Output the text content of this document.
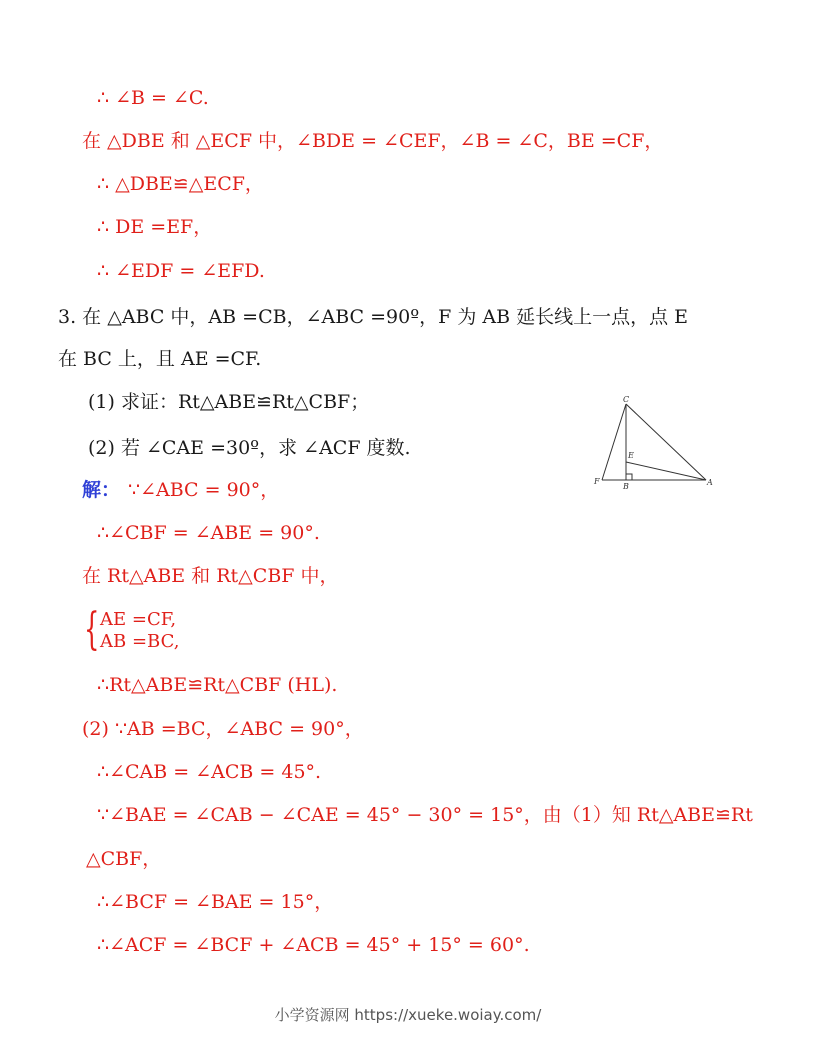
∴ ∠B = ∠C.
在 △DBE 和 △ECF 中，∠BDE = ∠CEF，∠B = ∠C，BE =CF，
∴ △DBE≌△ECF，
∴ DE =EF，
∴ ∠EDF = ∠EFD.
3. 在 △ABC 中，AB =CB，∠ABC =90º，F 为 AB 延长线上一点，点 E
在 BC 上，且 AE =CF.
(1) 求证：Rt△ABE≌Rt△CBF；
(2) 若 ∠CAE =30º，求 ∠ACF 度数.
解： ∵∠ABC = 90°，
∴∠CBF = ∠ABE = 90°.
在 Rt△ABE 和 Rt△CBF 中，
{ AE =CF,
AB =BC,
∴Rt△ABE≌Rt△CBF (HL).
(2) ∵AB =BC，∠ABC = 90°，
∴∠CAB = ∠ACB = 45°.
∵∠BAE = ∠CAB − ∠CAE = 45° − 30° = 15°，由（1）知 Rt△ABE≌Rt
△CBF，
∴∠BCF = ∠BAE = 15°，
∴∠ACF = ∠BCF + ∠ACB = 45° + 15° = 60°.
C
E
F
B	A
小学资源网 https://xueke.woiay.com/
